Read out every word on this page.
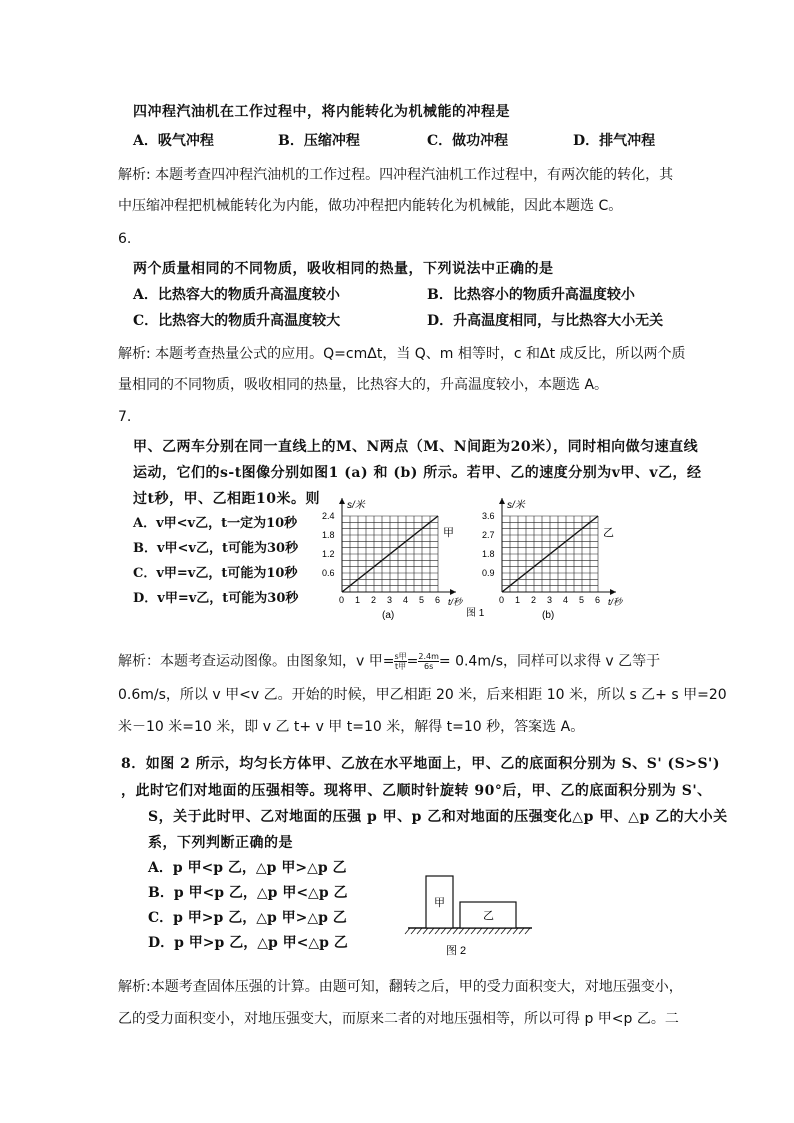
四冲程汽油机在工作过程中，将内能转化为机械能的冲程是
A．吸气冲程	B．压缩冲程	C．做功冲程	D．排气冲程
解析: 本题考查四冲程汽油机的工作过程。四冲程汽油机工作过程中，有两次能的转化，其
中压缩冲程把机械能转化为内能，做功冲程把内能转化为机械能，因此本题选 C。
6.
两个质量相同的不同物质，吸收相同的热量，下列说法中正确的是
A．比热容大的物质升高温度较小	B．比热容小的物质升高温度较小
C．比热容大的物质升高温度较大	D．升高温度相同，与比热容大小无关
解析: 本题考查热量公式的应用。Q=cmΔt，当 Q、m 相等时，c 和Δt 成反比，所以两个质
量相同的不同物质，吸收相同的热量，比热容大的，升高温度较小，本题选 A。
7.
甲、乙两车分别在同一直线上的M、N两点（M、N间距为20米），同时相向做匀速直线
运动，它们的s-t图像分别如图1 (a) 和 (b) 所示。若甲、乙的速度分别为v甲、v乙，经
过t秒，甲、乙相距10米。则
A．v甲<v乙，t一定为10秒
B．v甲<v乙，t可能为30秒
C．v甲=v乙，t可能为10秒
D．v甲=v乙，t可能为30秒	0 1 2 3 4 5 6
0.6
1.2
1.8
2.4
t/秒
s/米
甲
(a)
0 1 2 3 4 5 6
0.9
1.8
2.7
3.6
t/秒
s/米
乙
(b)
图 1
解析：本题考查运动图像。由图象知，v 甲= $\frac{\text{s甲}}{\text{t甲}} = \frac{2.4m}{6s} = 0.4m/s$，同样可以求得 v 乙等于
0.6m/s，所以 v 甲<v 乙。开始的时候，甲乙相距 20 米，后来相距 10 米，所以 s 乙+ s 甲=20
米－10 米=10 米，即 v 乙 t+ v 甲 t=10 米，解得 t=10 秒，答案选 A。
8．如图 2 所示，均匀长方体甲、乙放在水平地面上，甲、乙的底面积分别为 S、S' (S>S')
，此时它们对地面的压强相等。现将甲、乙顺时针旋转 90°后，甲、乙的底面积分别为 S'、
S，关于此时甲、乙对地面的压强 p 甲、p 乙和对地面的压强变化△p 甲、△p 乙的大小关
系，下列判断正确的是
A．p 甲<p 乙，△p 甲>△p 乙
B．p 甲<p 乙，△p 甲<△p 乙
C．p 甲>p 乙，△p 甲>△p 乙
D．p 甲>p 乙，△p 甲<△p 乙
甲
乙
图 2
解析:本题考查固体压强的计算。由题可知，翻转之后，甲的受力面积变大，对地压强变小，
乙的受力面积变小，对地压强变大，而原来二者的对地压强相等，所以可得 p 甲<p 乙。二
